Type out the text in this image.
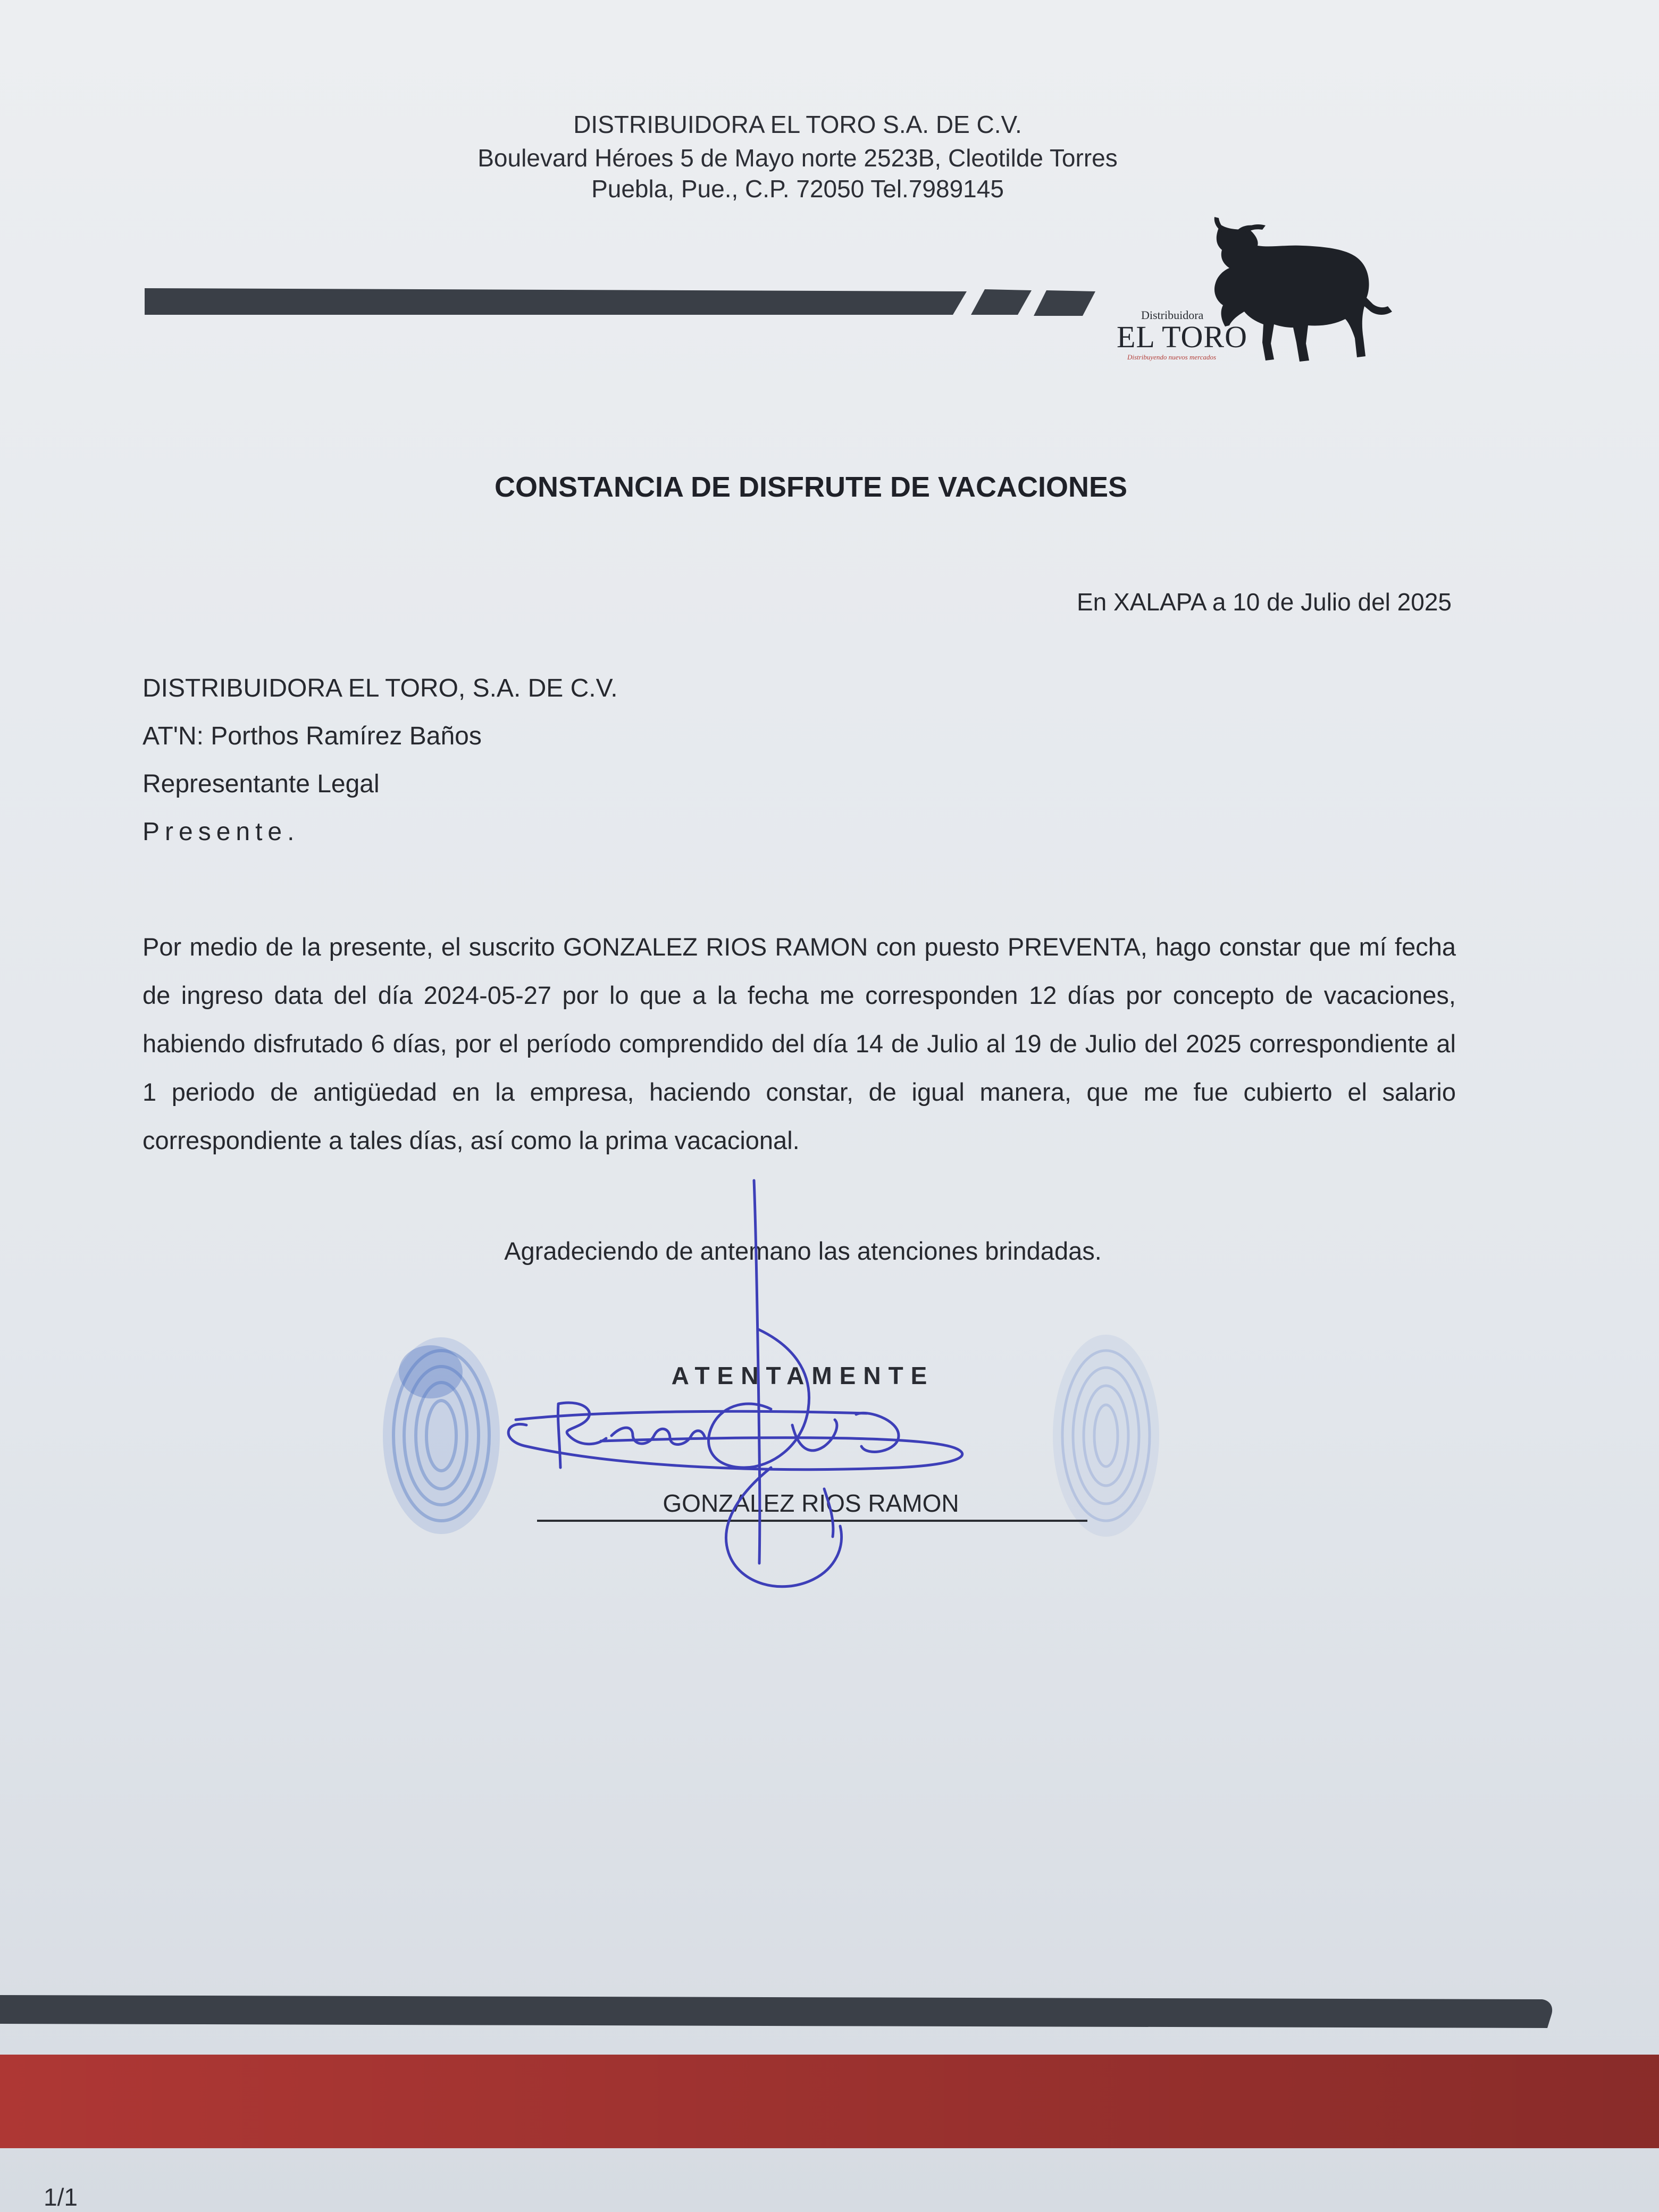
DISTRIBUIDORA EL TORO S.A. DE C.V.
Boulevard Héroes 5 de Mayo norte 2523B, Cleotilde Torres
Puebla, Pue., C.P. 72050 Tel.7989145
Distribuidora
EL TORO
Distribuyendo nuevos mercados
CONSTANCIA DE DISFRUTE DE VACACIONES
En XALAPA a 10 de Julio del 2025
DISTRIBUIDORA EL TORO, S.A. DE C.V.
AT'N: Porthos Ramírez Baños
Representante Legal
Presente.
Por medio de la presente, el suscrito GONZALEZ RIOS RAMON con puesto PREVENTA, hago constar que mí fecha de ingreso data del día 2024-05-27 por lo que a la fecha me corresponden 12 días por concepto de vacaciones, habiendo disfrutado 6 días, por el período comprendido del día 14 de Julio al 19 de Julio del 2025 correspondiente al 1 periodo de antigüedad en la empresa, haciendo constar, de igual manera, que me fue cubierto el salario correspondiente a tales días, así como la prima vacacional.
Agradeciendo de antemano las atenciones brindadas.
ATENTAMENTE
GONZALEZ RIOS RAMON
1/1
